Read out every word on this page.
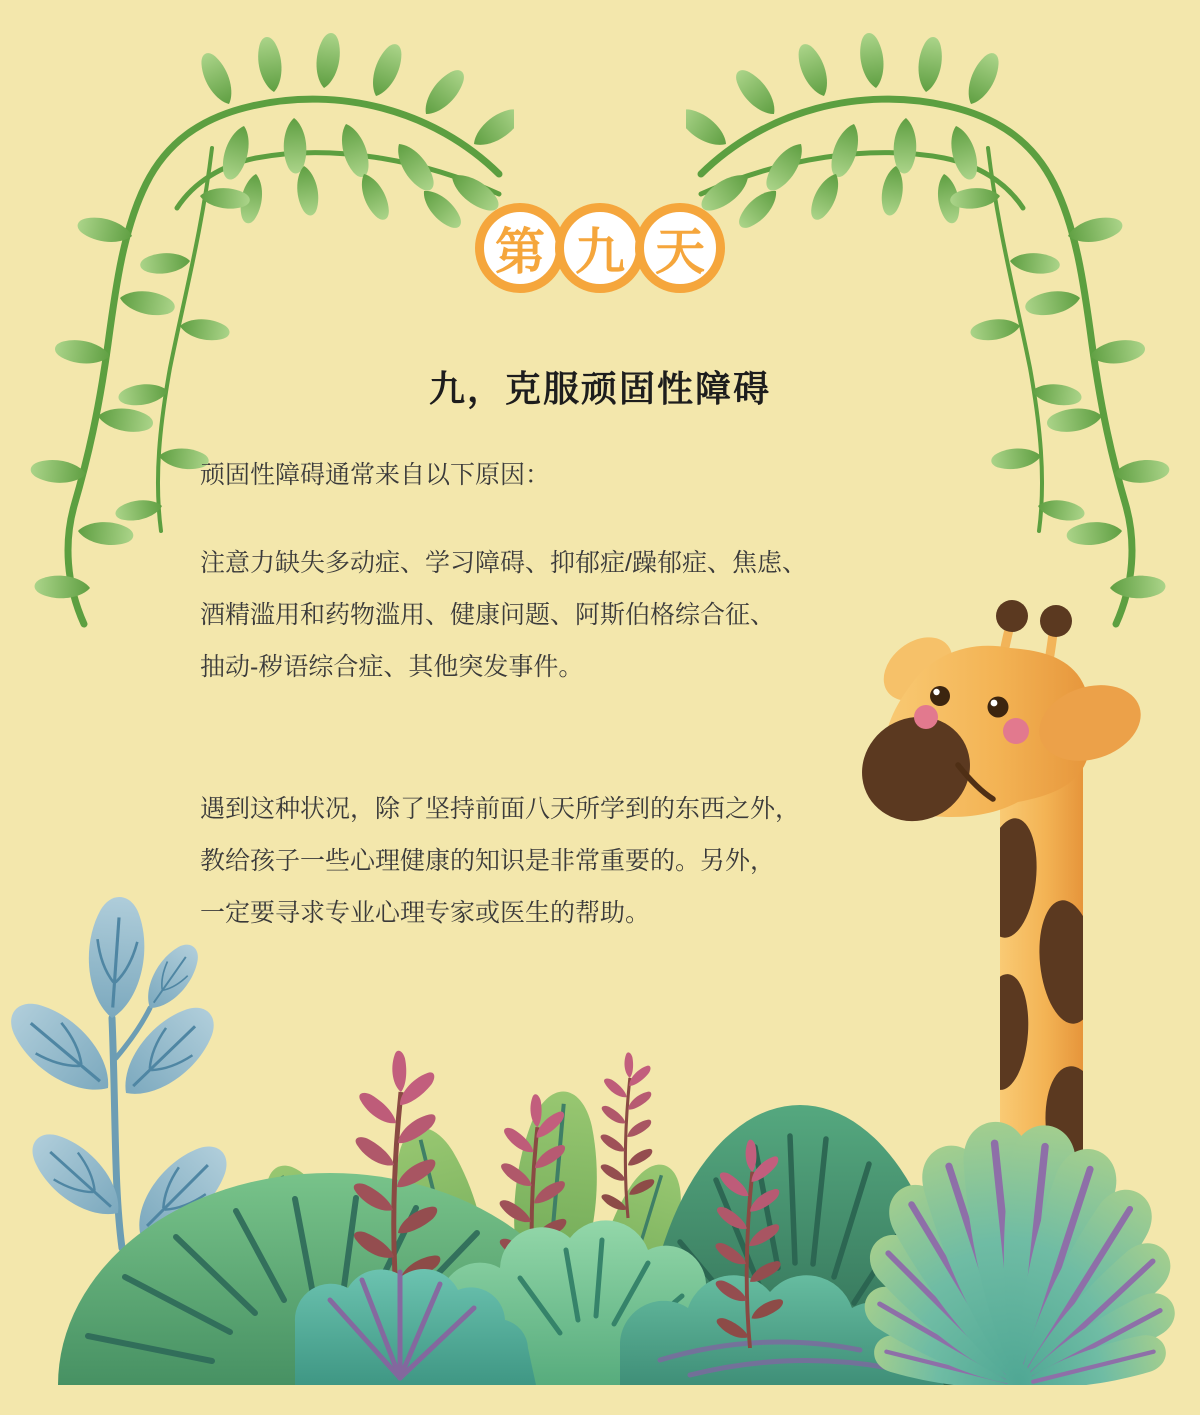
第 九 天
九，克服顽固性障碍

顽固性障碍通常来自以下原因：

注意力缺失多动症、学习障碍、抑郁症/躁郁症、焦虑、
酒精滥用和药物滥用、健康问题、阿斯伯格综合征、
抽动-秽语综合症、其他突发事件。
遇到这种状况，除了坚持前面八天所学到的东西之外，
教给孩子一些心理健康的知识是非常重要的。另外，
一定要寻求专业心理专家或医生的帮助。
